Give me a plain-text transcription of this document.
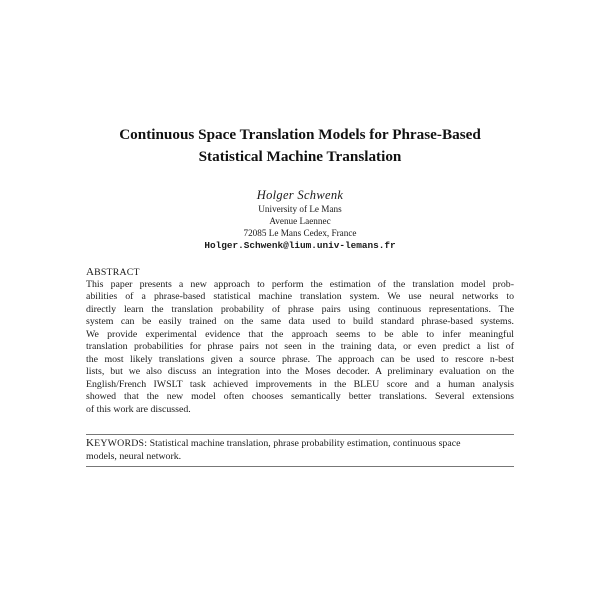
Continuous Space Translation Models for Phrase-Based
Statistical Machine Translation
Holger Schwenk
University of Le Mans
Avenue Laennec
72085 Le Mans Cedex, France
Holger.Schwenk@lium.univ-lemans.fr
ABSTRACT
This paper presents a new approach to perform the estimation of the translation model prob-
abilities of a phrase-based statistical machine translation system. We use neural networks to
directly learn the translation probability of phrase pairs using continuous representations. The
system can be easily trained on the same data used to build standard phrase-based systems.
We provide experimental evidence that the approach seems to be able to infer meaningful
translation probabilities for phrase pairs not seen in the training data, or even predict a list of
the most likely translations given a source phrase. The approach can be used to rescore n-best
lists, but we also discuss an integration into the Moses decoder. A preliminary evaluation on the
English/French IWSLT task achieved improvements in the BLEU score and a human analysis
showed that the new model often chooses semantically better translations. Several extensions
of this work are discussed.
KEYWORDS: Statistical machine translation, phrase probability estimation, continuous space
models, neural network.
